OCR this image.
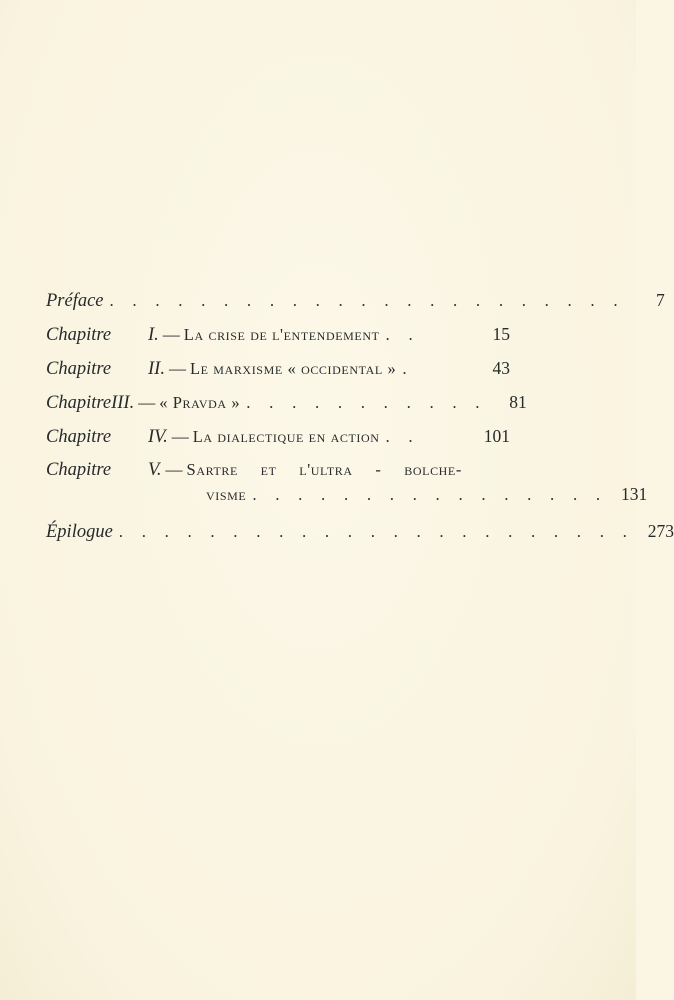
Préface . . . . . . . . . . . . . . . . . . . . . . .	7
Chapitre	I. — La crise de l'entendement . .	15
Chapitre	II. — Le marxisme « occidental » .	43
Chapitre III. — « Pravda » . . . . . . . . . . .	81
Chapitre	IV. — La dialectique en action . .	101
Chapitre	V. — Sartre et l'ultra - bolche-
visme . . . . . . . . . . . . . . . . 131
Épilogue . . . . . . . . . . . . . . . . . . . . . . . 273
